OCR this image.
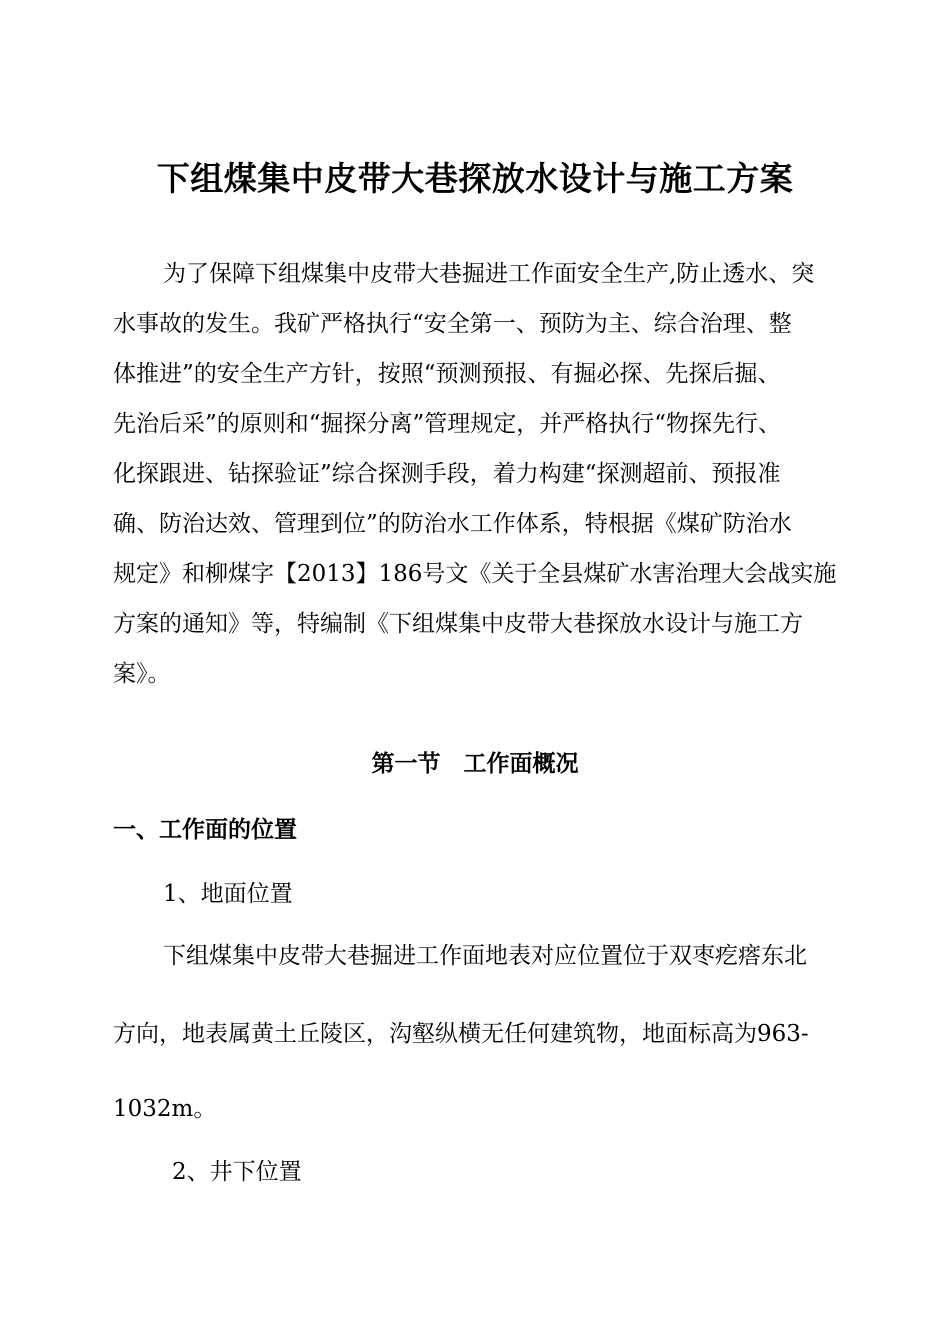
下组煤集中皮带大巷探放水设计与施工方案

为了保障下组煤集中皮带大巷掘进工作面安全生产,防止透水、突

水事故的发生。我矿严格执行“安全第一、预防为主、综合治理、整

体推进”的安全生产方针，按照“预测预报、有掘必探、先探后掘、

先治后采”的原则和“掘探分离”管理规定，并严格执行“物探先行、

化探跟进、钻探验证”综合探测手段，着力构建“探测超前、预报准

确、防治达效、管理到位”的防治水工作体系，特根据《煤矿防治水

规定》和柳煤字【2013】186号文《关于全县煤矿水害治理大会战实施

方案的通知》等，特编制《下组煤集中皮带大巷探放水设计与施工方

案》。

第一节　工作面概况
一、工作面的位置

1、地面位置

下组煤集中皮带大巷掘进工作面地表对应位置位于双枣疙瘩东北

方向，地表属黄土丘陵区，沟壑纵横无任何建筑物，地面标高为963-

1032m。

2、井下位置
